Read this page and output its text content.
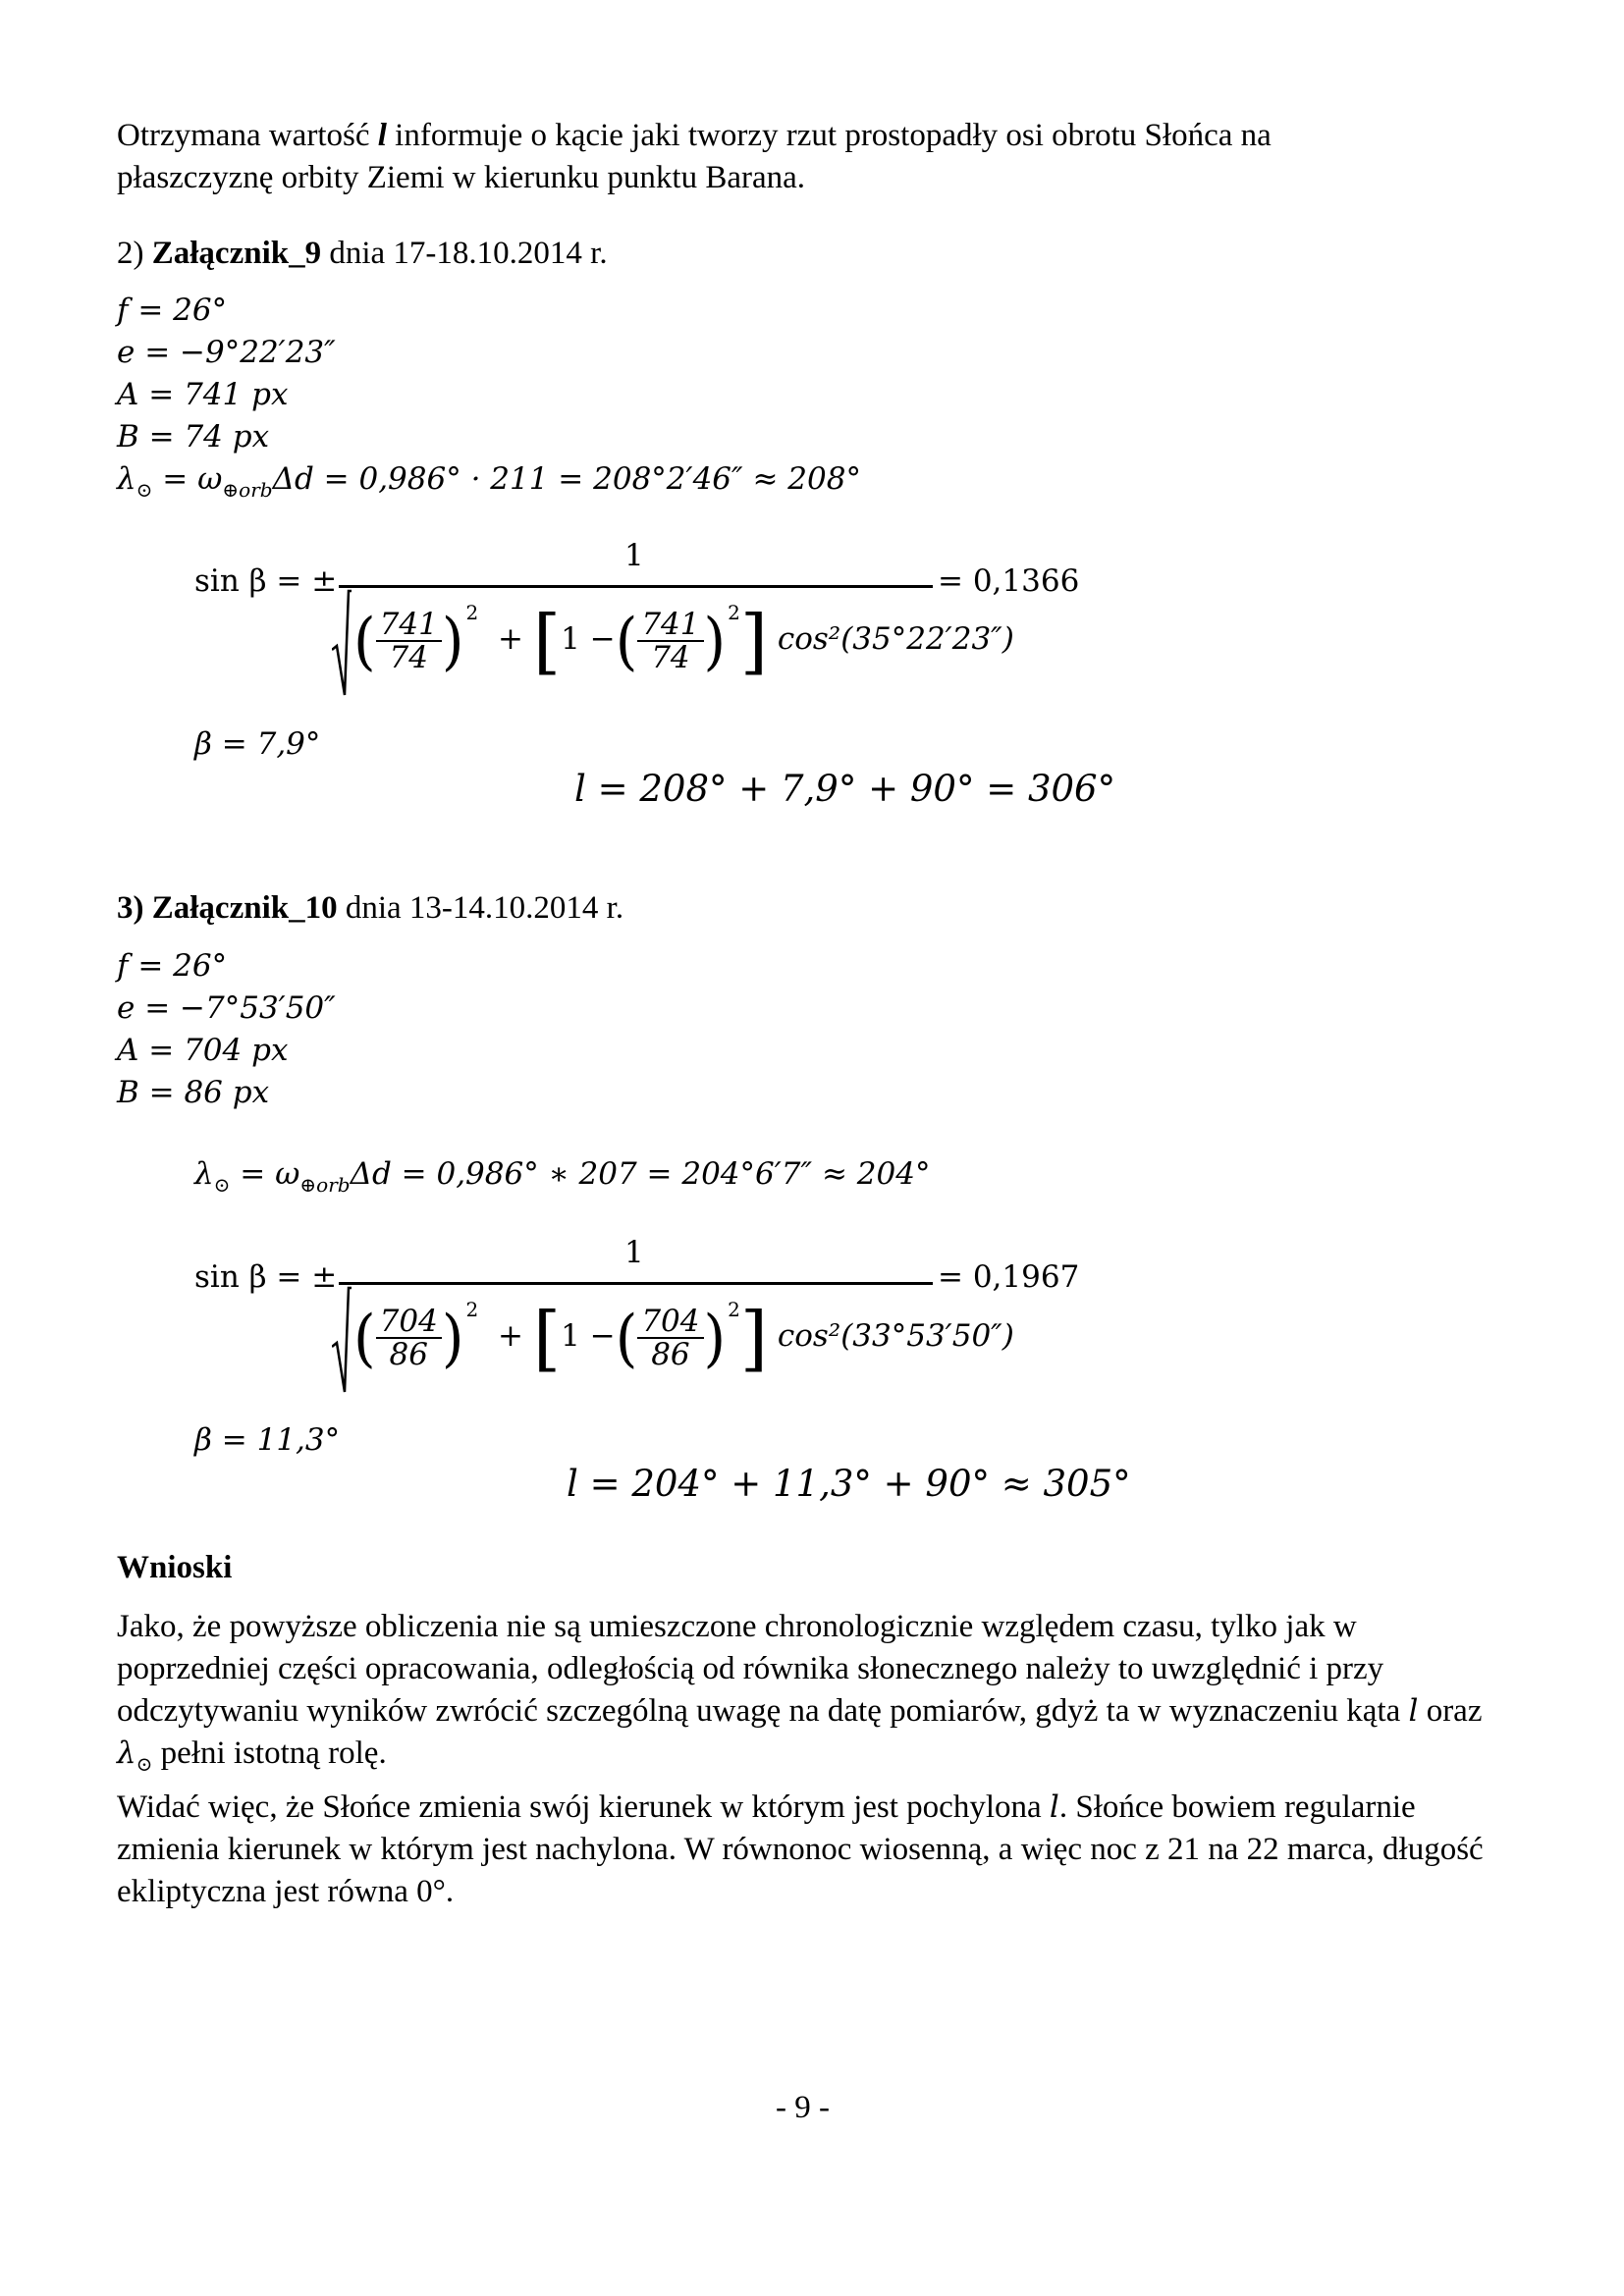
Otrzymana wartość l informuje o kącie jaki tworzy rzut prostopadły osi obrotu Słońca na

płaszczyznę orbity Ziemi w kierunku punktu Barana.

2) Załącznik_9 dnia 17-18.10.2014 r.
f = 26°
e = −9°22′23″
A = 741 px
B = 74 px
$\lambda_⊙ = \omega_{\oplus orb}\Delta d = 0,986^\circ \cdot 211 = 208^\circ 2'46'' \approx 208^\circ$
sin β = ±
1
= 0,1366
( $\frac{741}{74}$ ) $^2$ + [1 −( $\frac{741}{74}$ ) $^2$] cos²(35°22′23″)
β = 7,9°
l = 208° + 7,9° + 90° = 306°
3) Załącznik_10 dnia 13-14.10.2014 r.
f = 26°
e = −7°53′50″
A = 704 px
B = 86 px
$\lambda_⊙ = \omega_{\oplus orb}\Delta d = 0,986^\circ$ ∗ 207 = 204°6′7″ ≈ 204°
sin β = ±
1
= 0,1967
( $\frac{704}{86}$ ) $^2$ + [1 −( $\frac{704}{86}$ ) $^2$] cos²(33°53′50″)
β = 11,3°
l = 204° + 11,3° + 90° ≈ 305°
Wnioski

Jako, że powyższe obliczenia nie są umieszczone chronologicznie względem czasu, tylko jak w

poprzedniej części opracowania, odległością od równika słonecznego należy to uwzględnić i przy

odczytywaniu wyników zwrócić szczególną uwagę na datę pomiarów, gdyż ta w wyznaczeniu kąta l oraz

$\lambda_⊙$ pełni istotną rolę.

Widać więc, że Słońce zmienia swój kierunek w którym jest pochylona l. Słońce bowiem regularnie

zmienia kierunek w którym jest nachylona. W równonoc wiosenną, a więc noc z 21 na 22 marca, długość

ekliptyczna jest równa 0°.

- 9 -
